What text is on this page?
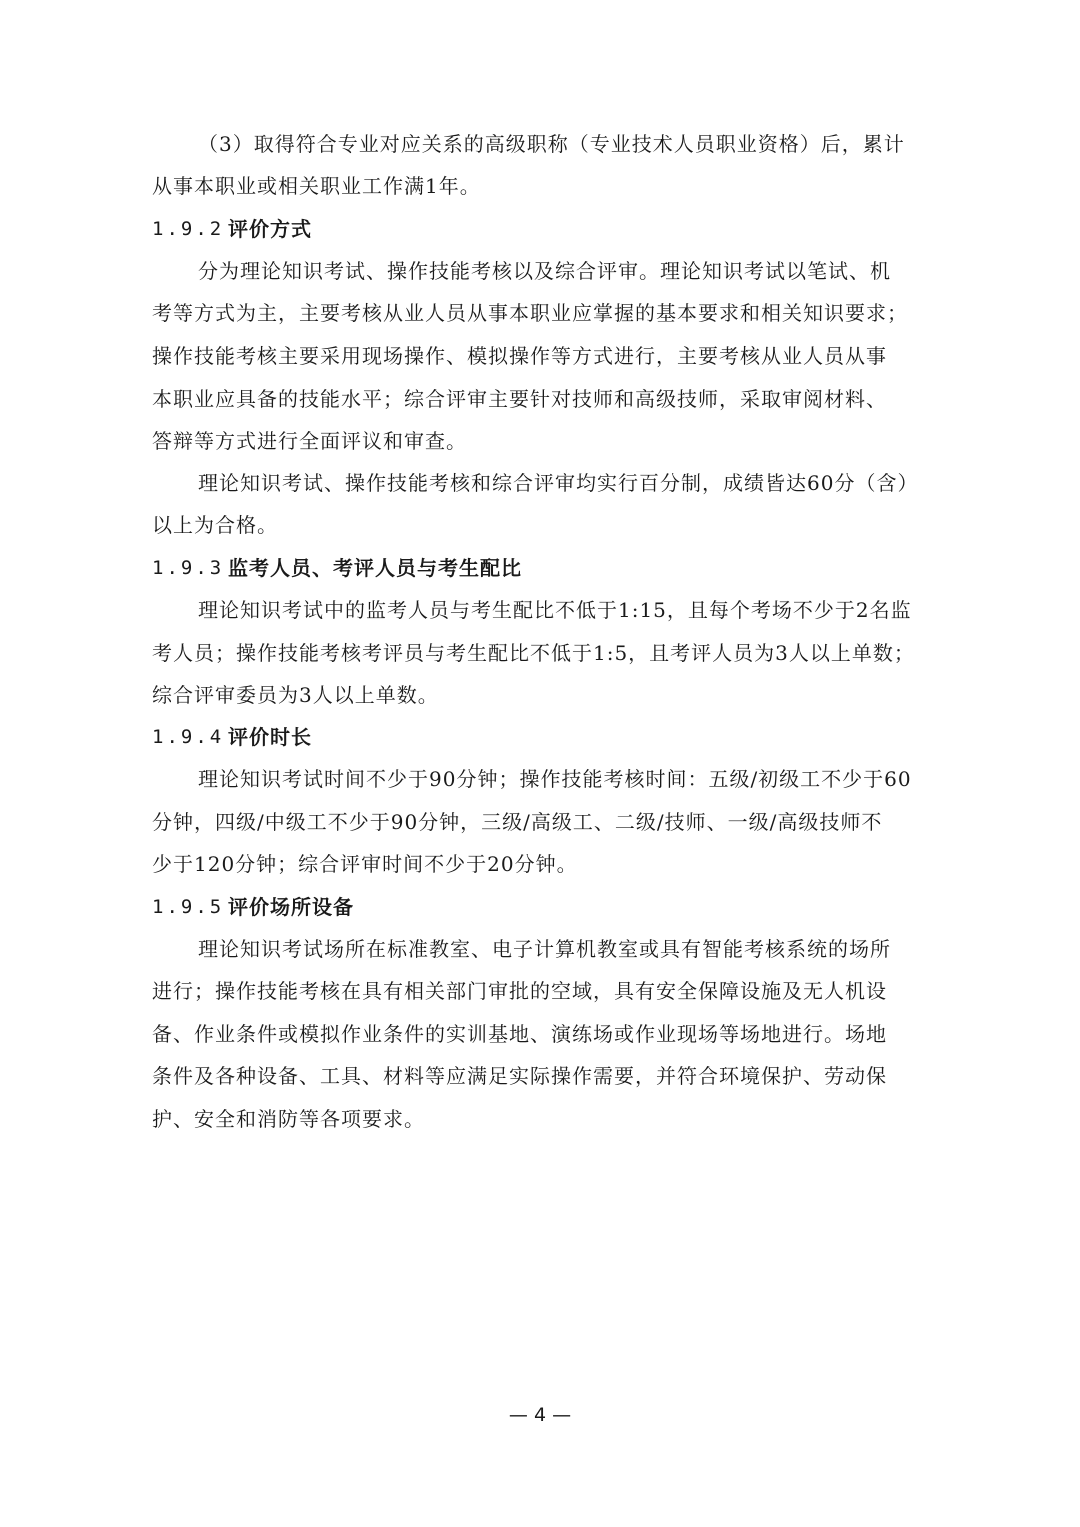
（3）取得符合专业对应关系的高级职称（专业技术人员职业资格）后，累计
从事本职业或相关职业工作满1年。
1.9.2 评价方式
分为理论知识考试、操作技能考核以及综合评审。理论知识考试以笔试、机
考等方式为主，主要考核从业人员从事本职业应掌握的基本要求和相关知识要求；
操作技能考核主要采用现场操作、模拟操作等方式进行，主要考核从业人员从事
本职业应具备的技能水平；综合评审主要针对技师和高级技师，采取审阅材料、
答辩等方式进行全面评议和审查。
理论知识考试、操作技能考核和综合评审均实行百分制，成绩皆达60分（含）
以上为合格。
1.9.3 监考人员、考评人员与考生配比
理论知识考试中的监考人员与考生配比不低于1:15，且每个考场不少于2名监
考人员；操作技能考核考评员与考生配比不低于1:5，且考评人员为3人以上单数；
综合评审委员为3人以上单数。
1.9.4 评价时长
理论知识考试时间不少于90分钟；操作技能考核时间：五级/初级工不少于60
分钟，四级/中级工不少于90分钟，三级/高级工、二级/技师、一级/高级技师不
少于120分钟；综合评审时间不少于20分钟。
1.9.5 评价场所设备
理论知识考试场所在标准教室、电子计算机教室或具有智能考核系统的场所
进行；操作技能考核在具有相关部门审批的空域，具有安全保障设施及无人机设
备、作业条件或模拟作业条件的实训基地、演练场或作业现场等场地进行。场地
条件及各种设备、工具、材料等应满足实际操作需要，并符合环境保护、劳动保
护、安全和消防等各项要求。
— 4 —
